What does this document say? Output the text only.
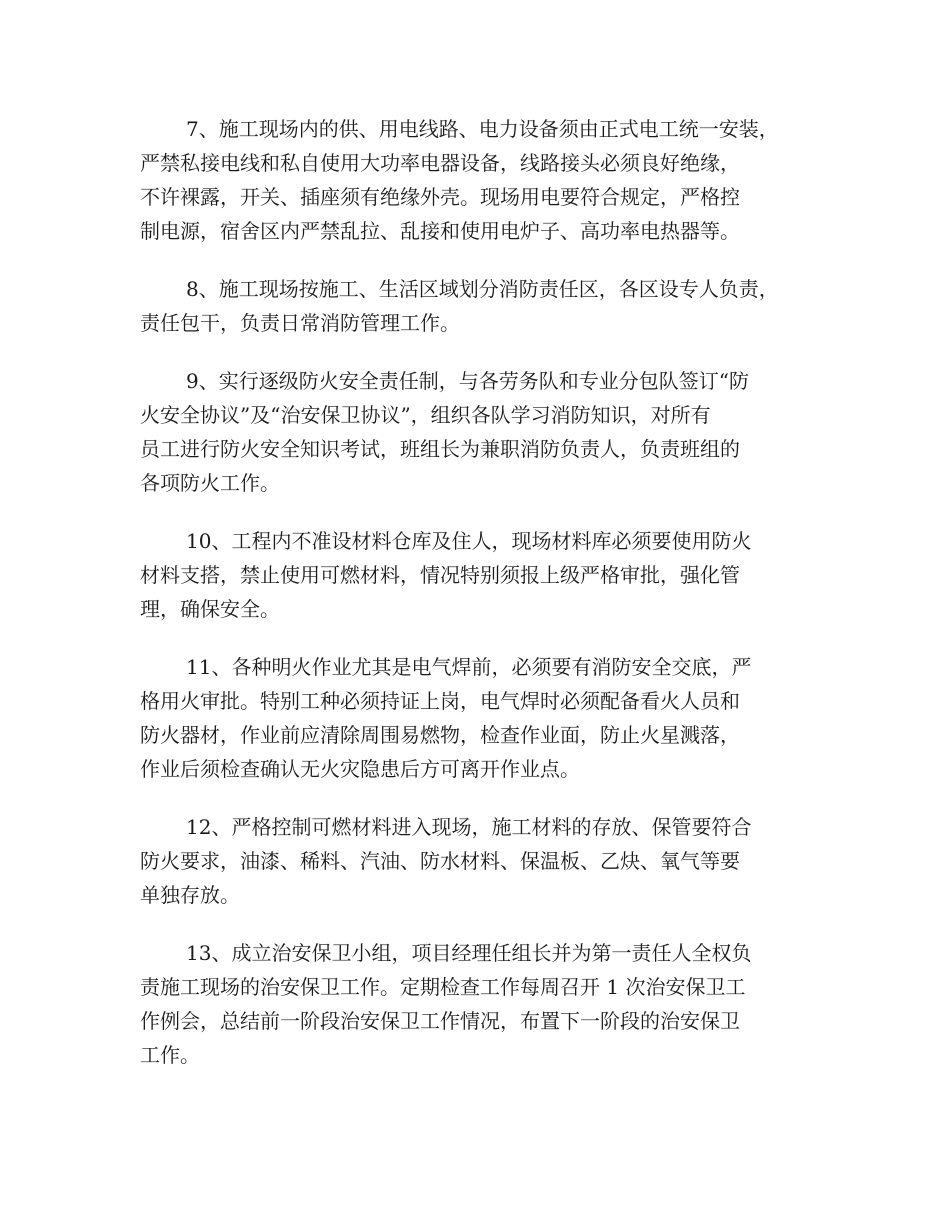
7、施工现场内的供、用电线路、电力设备须由正式电工统一安装，
严禁私接电线和私自使用大功率电器设备，线路接头必须良好绝缘，
不许裸露，开关、插座须有绝缘外壳。现场用电要符合规定，严格控
制电源，宿舍区内严禁乱拉、乱接和使用电炉子、高功率电热器等。
8、施工现场按施工、生活区域划分消防责任区，各区设专人负责，
责任包干，负责日常消防管理工作。
9、实行逐级防火安全责任制，与各劳务队和专业分包队签订“防
火安全协议”及“治安保卫协议”，组织各队学习消防知识，对所有
员工进行防火安全知识考试，班组长为兼职消防负责人，负责班组的
各项防火工作。
10、工程内不准设材料仓库及住人，现场材料库必须要使用防火
材料支搭，禁止使用可燃材料，情况特别须报上级严格审批，强化管
理，确保安全。
11、各种明火作业尤其是电气焊前，必须要有消防安全交底，严
格用火审批。特别工种必须持证上岗，电气焊时必须配备看火人员和
防火器材，作业前应清除周围易燃物，检查作业面，防止火星溅落，
作业后须检查确认无火灾隐患后方可离开作业点。
12、严格控制可燃材料进入现场，施工材料的存放、保管要符合
防火要求，油漆、稀料、汽油、防水材料、保温板、乙炔、氧气等要
单独存放。
13、成立治安保卫小组，项目经理任组长并为第一责任人全权负
责施工现场的治安保卫工作。定期检查工作每周召开 1 次治安保卫工
作例会，总结前一阶段治安保卫工作情况，布置下一阶段的治安保卫
工作。
